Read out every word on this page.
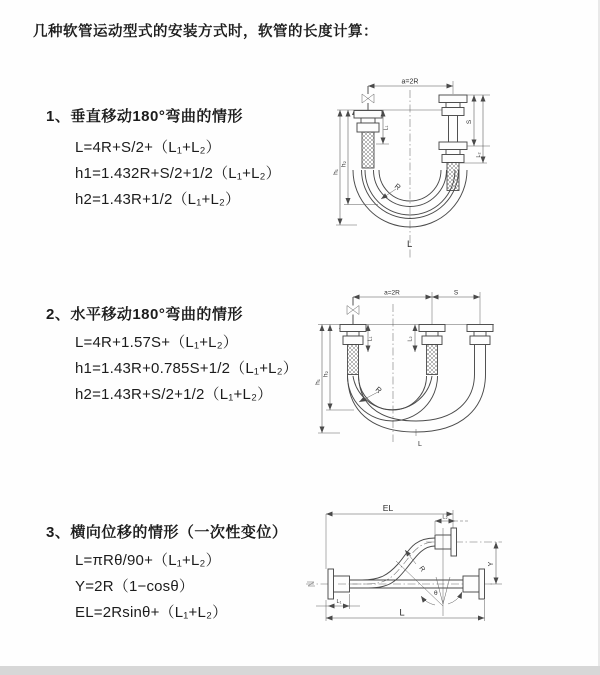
几种软管运动型式的安装方式时，软管的长度计算：
1、垂直移动180°弯曲的情形
L=4R+S/2+（L₁+L₂）
h1=1.432R+S/2+1/2（L₁+L₂）
h2=1.43R+1/2（L₁+L₂）
a=2R
R
L
h₁
h₂
L₁
S
L₂
2、水平移动180°弯曲的情形
L=4R+1.57S+（L₁+L₂）
h1=1.43R+0.785S+1/2（L₁+L₂）
h2=1.43R+S/2+1/2（L₁+L₂）
a=2R	S
R
h₁
h₂
L₁	L₂
L
3、横向位移的情形（一次性变位）
L=πRθ/90+（L₁+L₂）
Y=2R（1−cosθ）
EL=2Rsinθ+（L₁+L₂）
EL
L₂
R
θ
Y
L
L₁
